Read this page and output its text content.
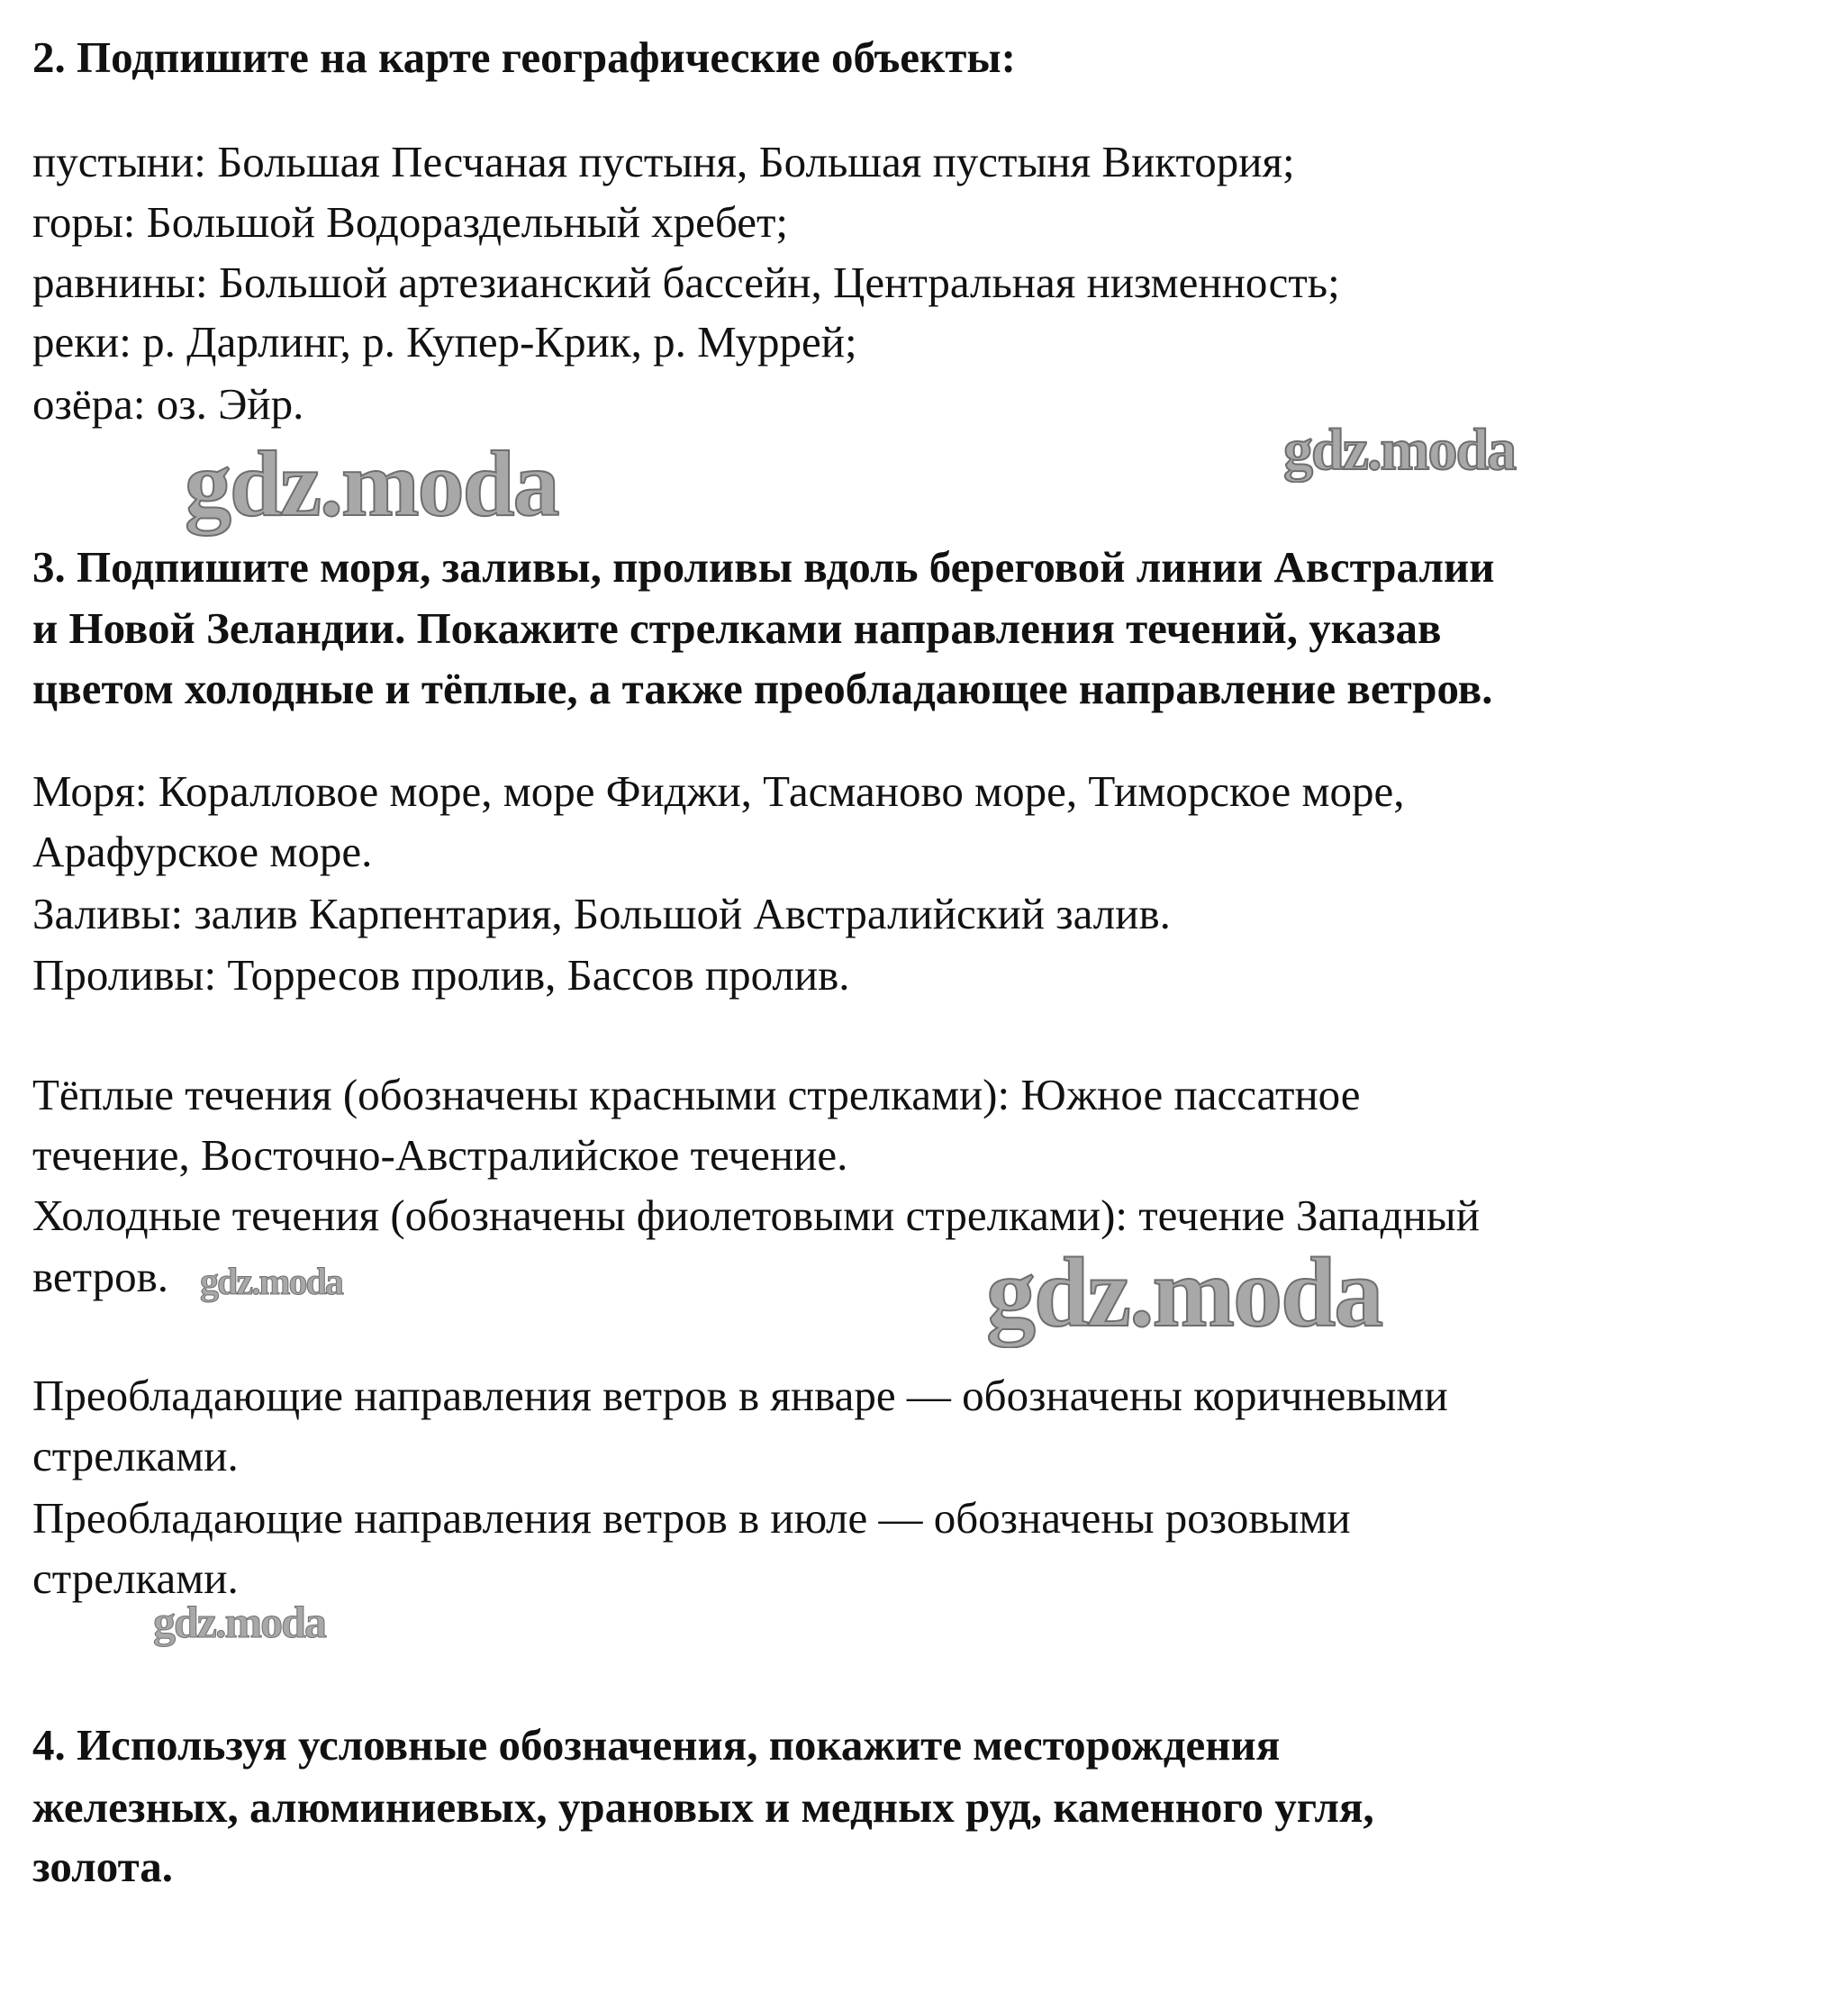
2. Подпишите на карте географические объекты:
пустыни: Большая Песчаная пустыня, Большая пустыня Виктория;
горы: Большой Водораздельный хребет;
равнины: Большой артезианский бассейн, Центральная низменность;
реки: р. Дарлинг, р. Купер-Крик, р. Муррей;
озёра: оз. Эйр.
gdz.moda	gdz.moda
3. Подпишите моря, заливы, проливы вдоль береговой линии Австралии
и Новой Зеландии. Покажите стрелками направления течений, указав
цветом холодные и тёплые, а также преобладающее направление ветров.
Моря: Коралловое море, море Фиджи, Тасманово море, Тиморское море,
Арафурское море.
Заливы: залив Карпентария, Большой Австралийский залив.
Проливы: Торресов пролив, Бассов пролив.
Тёплые течения (обозначены красными стрелками): Южное пассатное
течение, Восточно-Австралийское течение.
Холодные течения (обозначены фиолетовыми стрелками): течение Западный
ветров. gdz.moda	gdz.moda
Преобладающие направления ветров в январе — обозначены коричневыми
стрелками.
Преобладающие направления ветров в июле — обозначены розовыми
стрелками.
gdz.moda
4. Используя условные обозначения, покажите месторождения
железных, алюминиевых, урановых и медных руд, каменного угля,
золота.
